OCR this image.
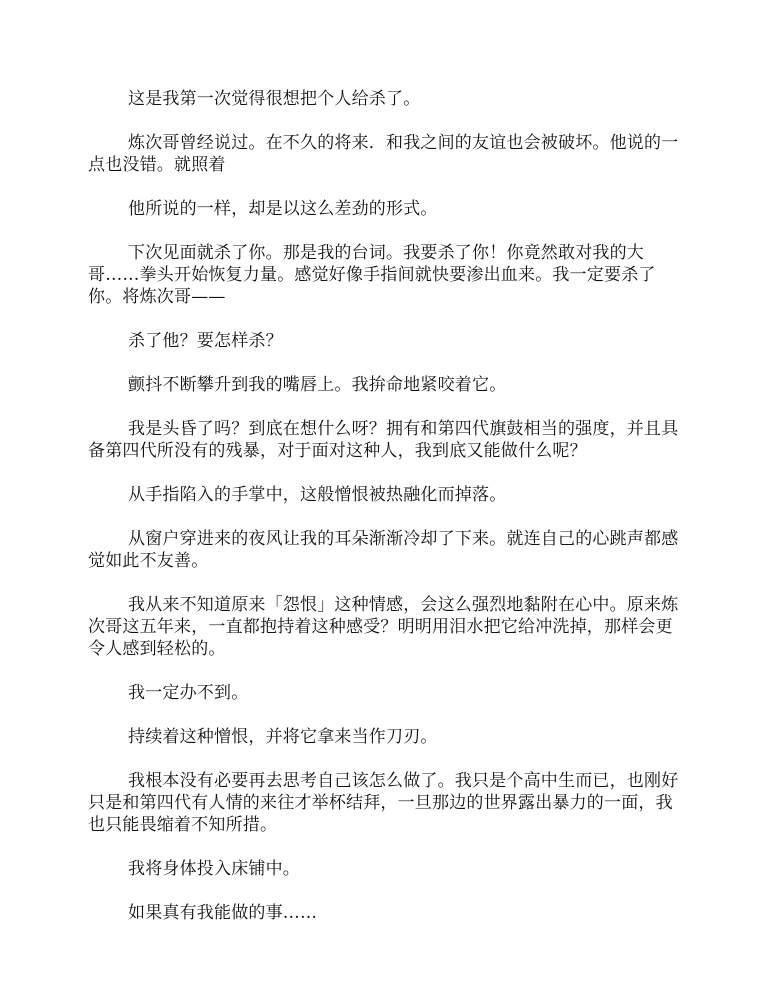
这是我第一次觉得很想把个人给杀了。

炼次哥曾经说过。在不久的将来．和我之间的友谊也会被破坏。他说的一点也没错。就照着

他所说的一样，却是以这么差劲的形式。

下次见面就杀了你。那是我的台词。我要杀了你！你竟然敢对我的大哥……拳头开始恢复力量。感觉好像手指间就快要渗出血来。我一定要杀了你。将炼次哥——

杀了他？要怎样杀？

颤抖不断攀升到我的嘴唇上。我拚命地紧咬着它。

我是头昏了吗？到底在想什么呀？拥有和第四代旗鼓相当的强度，并且具备第四代所没有的残暴，对于面对这种人，我到底又能做什么呢？

从手指陷入的手掌中，这般憎恨被热融化而掉落。

从窗户穿进来的夜风让我的耳朵渐渐冷却了下来。就连自己的心跳声都感觉如此不友善。

我从来不知道原来「怨恨」这种情感，会这么强烈地黏附在心中。原来炼次哥这五年来，一直都抱持着这种感受？明明用泪水把它给冲洗掉，那样会更令人感到轻松的。

我一定办不到。

持续着这种憎恨，并将它拿来当作刀刃。

我根本没有必要再去思考自己该怎么做了。我只是个高中生而已，也刚好只是和第四代有人情的来往才举杯结拜，一旦那边的世界露出暴力的一面，我也只能畏缩着不知所措。

我将身体投入床铺中。

如果真有我能做的事……
